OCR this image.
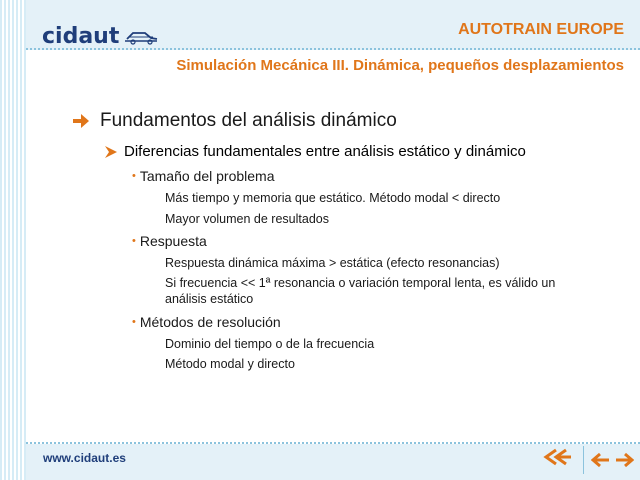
cidaut	AUTOTRAIN EUROPE
Simulación Mecánica III. Dinámica, pequeños desplazamientos
Fundamentos del análisis dinámico
Diferencias fundamentales entre análisis estático y dinámico
• Tamaño del problema
Más tiempo y memoria que estático. Método modal < directo
Mayor volumen de resultados
• Respuesta
Respuesta dinámica máxima > estática (efecto resonancias)
Si frecuencia << 1ª resonancia o variación temporal lenta, es válido un análisis estático
• Métodos de resolución
Dominio del tiempo o de la frecuencia
Método modal y directo
www.cidaut.es
